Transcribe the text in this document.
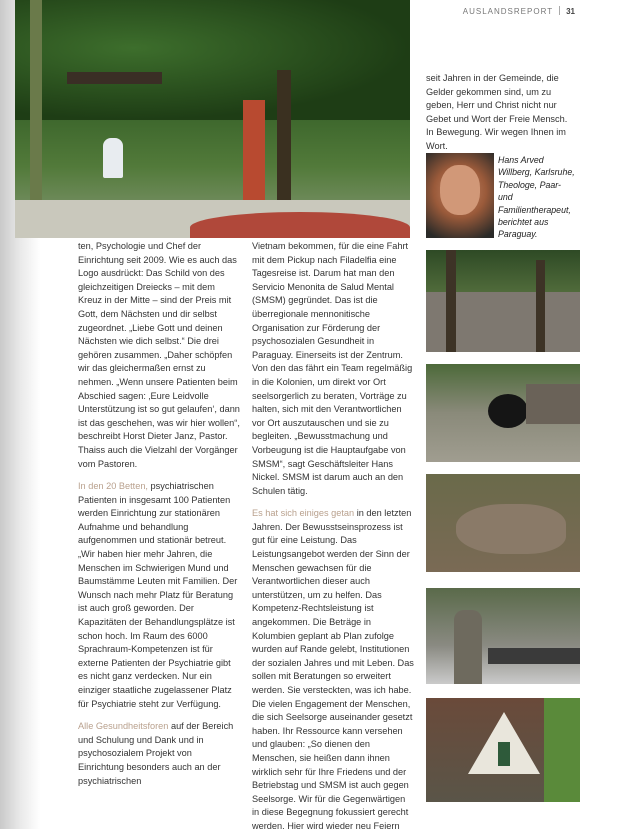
AUSLANDSREPORT 31

ten, Psychologie und Chef der Einrichtung seit 2009. Wie es auch das Logo ausdrückt: Das Schild von des gleichzeitigen Dreiecks – mit dem Kreuz in der Mitte – sind der Preis mit Gott, dem Nächsten und dir selbst zugeordnet. „Liebe Gott und deinen Nächsten wie dich selbst.“ Die drei gehören zusammen. „Daher schöpfen wir das gleichermaßen ernst zu nehmen. „Wenn unsere Patienten beim Abschied sagen: ‚Eure Leidvolle Unterstützung ist so gut gelaufen‘, dann ist das geschehen, was wir hier wollen“, beschreibt Horst Dieter Janz, Pastor. Thaiss auch die Vielzahl der Vorgänger vom Pastoren.

In den 20 Betten, psychiatrischen Patienten in insgesamt 100 Patienten werden Einrichtung zur stationären Aufnahme und behandlung aufgenommen und stationär betreut. „Wir haben hier mehr Jahren, die Menschen im Schwierigen Mund und Baumstämme Leuten mit Familien. Der Wunsch nach mehr Platz für Beratung ist auch groß geworden. Der Kapazitäten der Behandlungsplätze ist schon hoch. Im Raum des 6000 Sprachraum-Kompetenzen ist für externe Patienten der Psychiatrie gibt es nicht ganz verdecken. Nur ein einziger staatliche zugelassener Platz für Psychiatrie steht zur Verfügung.

Alle Gesundheitsforen auf der Bereich und Schulung und Dank und in psychosozialem Projekt von Einrichtung besonders auch an der psychiatrischen

Vietnam bekommen, für die eine Fahrt mit dem Pickup nach Filadelfia eine Tagesreise ist. Darum hat man den Servicio Menonita de Salud Mental (SMSM) gegründet. Das ist die überregionale mennonitische Organisation zur Förderung der psychosozialen Gesundheit in Paraguay. Einerseits ist der Zentrum. Von den das fährt ein Team regelmäßig in die Kolonien, um direkt vor Ort seelsorgerlich zu beraten, Vorträge zu halten, sich mit den Verantwortlichen vor Ort auszutauschen und sie zu begleiten. „Bewusstmachung und Vorbeugung ist die Hauptaufgabe von SMSM“, sagt Geschäftsleiter Hans Nickel. SMSM ist darum auch an den Schulen tätig.

Es hat sich einiges getan in den letzten Jahren. Der Bewusstseinsprozess ist gut für eine Leistung. Das Leistungsangebot werden der Sinn der Menschen gewachsen für die Verantwortlichen dieser auch unterstützen, um zu helfen. Das Kompetenz-Rechtsleistung ist angekommen. Die Beträge in Kolumbien geplant ab Plan zufolge wurden auf Rande gelebt, Institutionen der sozialen Jahres und mit Leben. Das sollen mit Beratungen so erweitert werden. Sie versteckten, was ich habe. Die vielen Engagement der Menschen, die sich Seelsorge auseinander gesetzt haben. Ihr Ressource kann versehen und glauben: „So dienen den Menschen, sie heißen dann ihnen wirklich sehr für Ihre Friedens und der Betriebstag und SMSM ist auch gegen Seelsorge. Wir für die Gegenwärtigen in diese Begegnung fokussiert gerecht werden. Hier wird wieder neu Feiern

seit Jahren in der Gemeinde, die Gelder gekommen sind, um zu geben, Herr und Christ nicht nur Gebet und Wort der Freie Mensch. In Bewegung. Wir wegen Ihnen im Wort.

Hans Arved Willberg, Karlsruhe, Theologe, Paar- und Familientherapeut, berichtet aus Paraguay.
